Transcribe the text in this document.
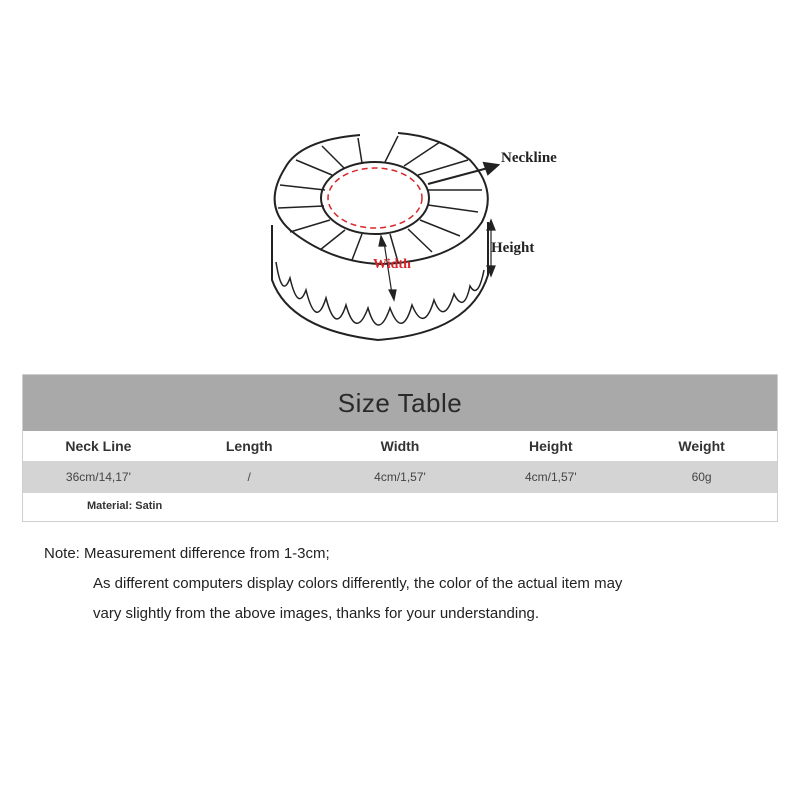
Neckline
Height
Width
Size Table
Neck Line	Length	Width	Height	Weight
36cm/14,17'	/	4cm/1,57'	4cm/1,57'	60g
Material: Satin
Note: Measurement difference from 1-3cm;
As different computers display colors differently, the color of the actual item may
vary slightly from the above images, thanks for your understanding.
